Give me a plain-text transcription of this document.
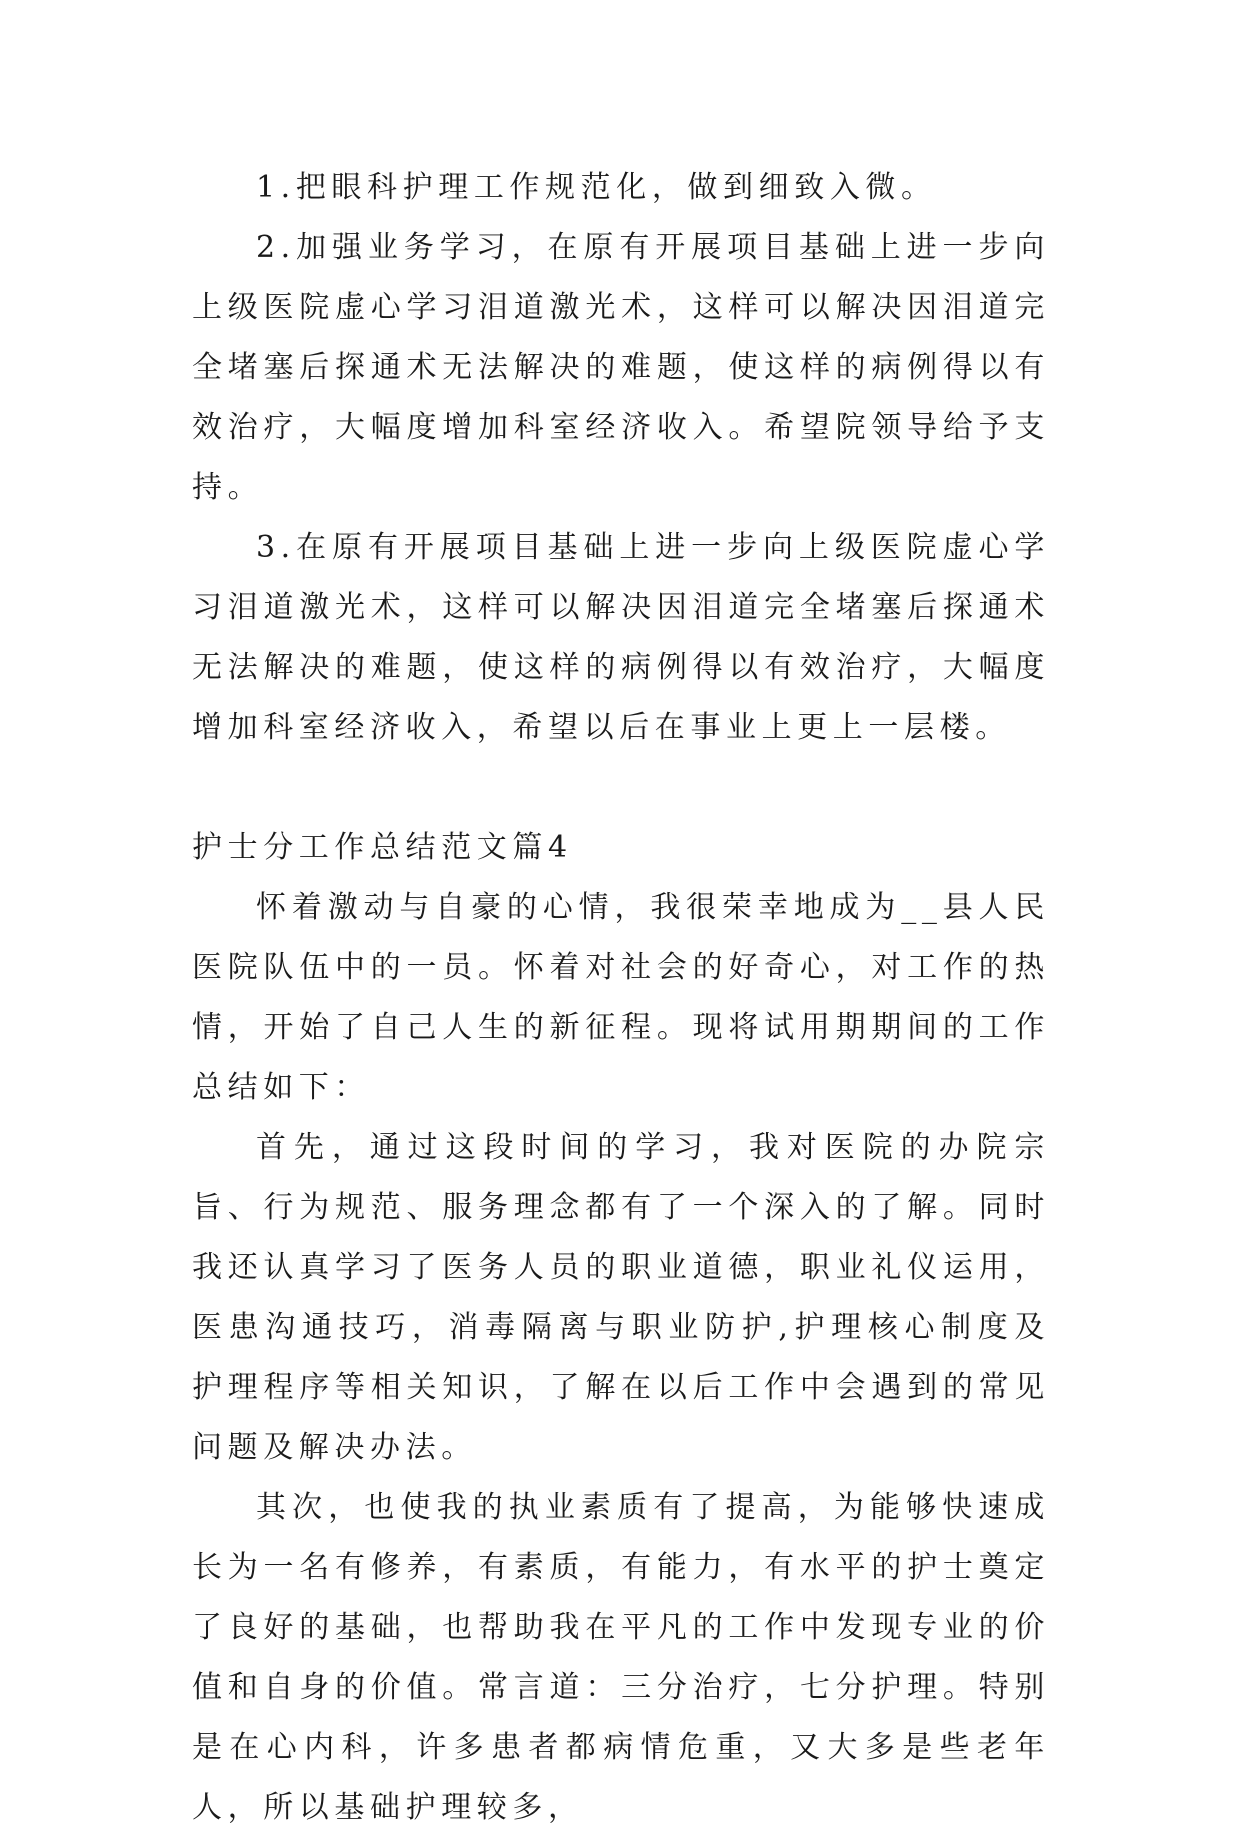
1.把眼科护理工作规范化，做到细致入微。

2.加强业务学习，在原有开展项目基础上进一步向上级医院虚心学习泪道激光术，这样可以解决因泪道完全堵塞后探通术无法解决的难题，使这样的病例得以有效治疗，大幅度增加科室经济收入。希望院领导给予支持。

3.在原有开展项目基础上进一步向上级医院虚心学习泪道激光术，这样可以解决因泪道完全堵塞后探通术无法解决的难题，使这样的病例得以有效治疗，大幅度增加科室经济收入，希望以后在事业上更上一层楼。

护士分工作总结范文篇4

怀着激动与自豪的心情，我很荣幸地成为__县人民医院队伍中的一员。怀着对社会的好奇心，对工作的热情，开始了自己人生的新征程。现将试用期期间的工作总结如下：

首先，通过这段时间的学习，我对医院的办院宗旨、行为规范、服务理念都有了一个深入的了解。同时我还认真学习了医务人员的职业道德，职业礼仪运用，医患沟通技巧，消毒隔离与职业防护,护理核心制度及护理程序等相关知识，了解在以后工作中会遇到的常见问题及解决办法。

其次，也使我的执业素质有了提高，为能够快速成长为一名有修养，有素质，有能力，有水平的护士奠定了良好的基础，也帮助我在平凡的工作中发现专业的价值和自身的价值。常言道：三分治疗，七分护理。特别是在心内科，许多患者都病情危重，又大多是些老年人，所以基础护理较多，
